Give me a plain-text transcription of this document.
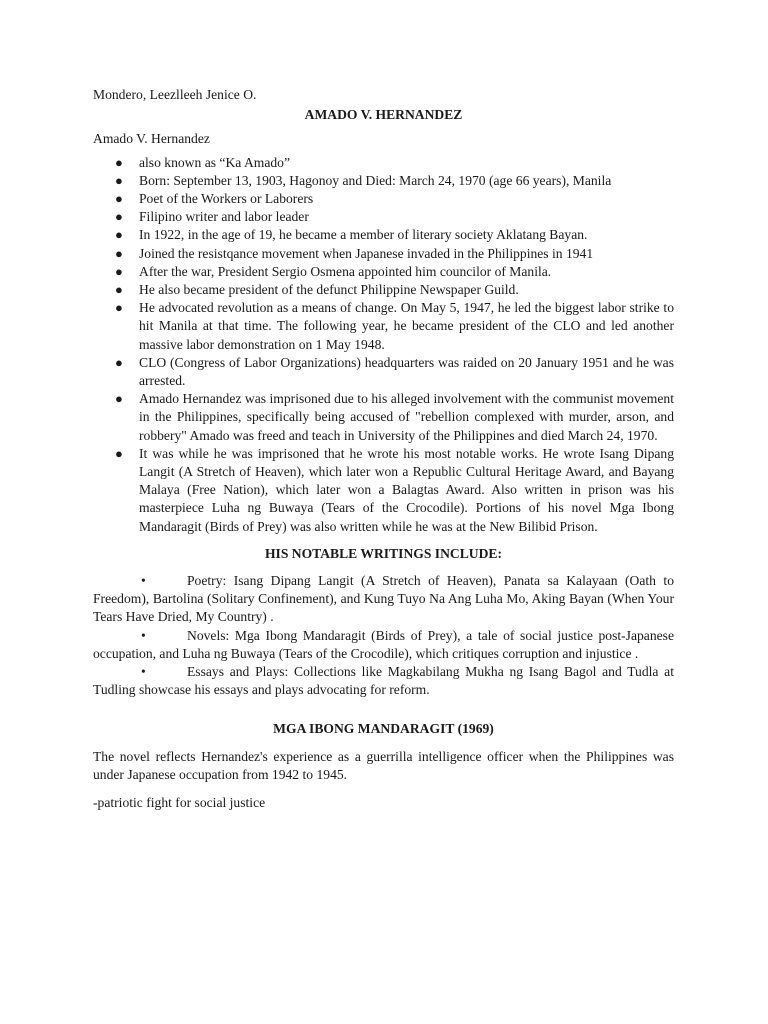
Mondero, Leezlleeh Jenice O.

AMADO V. HERNANDEZ

Amado V. Hernandez

● also known as “Ka Amado”
● Born: September 13, 1903, Hagonoy and Died: March 24, 1970 (age 66 years), Manila
● Poet of the Workers or Laborers
● Filipino writer and labor leader
● In 1922, in the age of 19, he became a member of literary society Aklatang Bayan.
● Joined the resistqance movement when Japanese invaded in the Philippines in 1941
● After the war, President Sergio Osmena appointed him councilor of Manila.
● He also became president of the defunct Philippine Newspaper Guild.
● He advocated revolution as a means of change. On May 5, 1947, he led the biggest labor strike to hit Manila at that time. The following year, he became president of the CLO and led another massive labor demonstration on 1 May 1948.
● CLO (Congress of Labor Organizations) headquarters was raided on 20 January 1951 and he was arrested.
● Amado Hernandez was imprisoned due to his alleged involvement with the communist movement in the Philippines, specifically being accused of "rebellion complexed with murder, arson, and robbery" Amado was freed and teach in University of the Philippines and died March 24, 1970.
● It was while he was imprisoned that he wrote his most notable works. He wrote Isang Dipang Langit (A Stretch of Heaven), which later won a Republic Cultural Heritage Award, and Bayang Malaya (Free Nation), which later won a Balagtas Award. Also written in prison was his masterpiece Luha ng Buwaya (Tears of the Crocodile). Portions of his novel Mga Ibong Mandaragit (Birds of Prey) was also written while he was at the New Bilibid Prison.

HIS NOTABLE WRITINGS INCLUDE:

•	Poetry: Isang Dipang Langit (A Stretch of Heaven), Panata sa Kalayaan (Oath to Freedom), Bartolina (Solitary Confinement), and Kung Tuyo Na Ang Luha Mo, Aking Bayan (When Your Tears Have Dried, My Country) .

•	Novels: Mga Ibong Mandaragit (Birds of Prey), a tale of social justice post-Japanese occupation, and Luha ng Buwaya (Tears of the Crocodile), which critiques corruption and injustice .

•	Essays and Plays: Collections like Magkabilang Mukha ng Isang Bagol and Tudla at Tudling showcase his essays and plays advocating for reform.

MGA IBONG MANDARAGIT (1969)

The novel reflects Hernandez's experience as a guerrilla intelligence officer when the Philippines was under Japanese occupation from 1942 to 1945.

-patriotic fight for social justice
